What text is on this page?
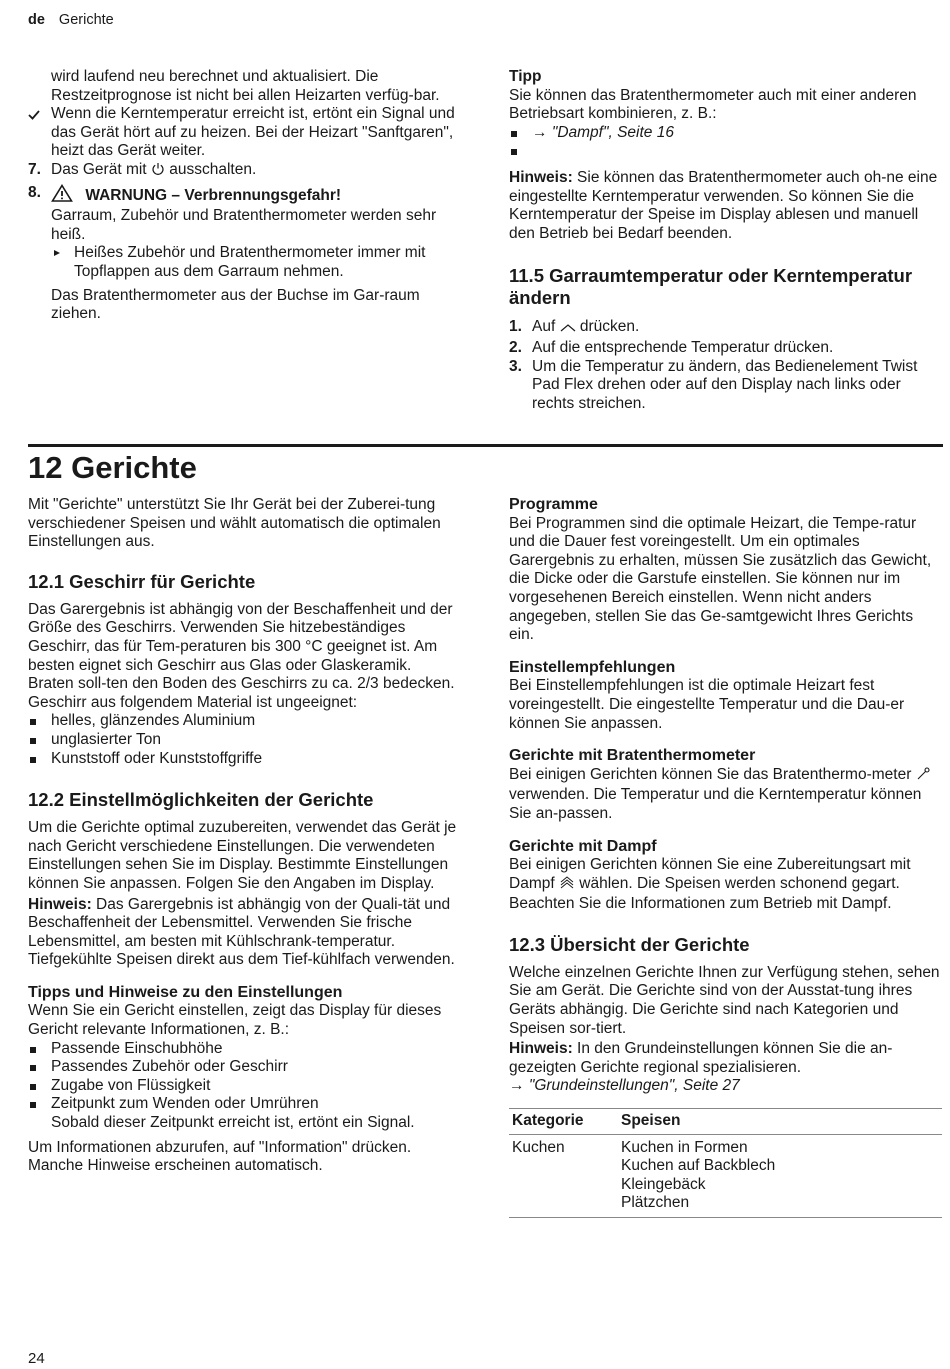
de Gerichte

wird laufend neu berechnet und aktualisiert. Die Restzeitprognose ist nicht bei allen Heizarten verfüg-bar.

Wenn die Kerntemperatur erreicht ist, ertönt ein Signal und das Gerät hört auf zu heizen. Bei der Heizart "Sanftgaren", heizt das Gerät weiter.
7. Das Gerät mit ausschalten.
8.	WARNUNG – Verbrennungsgefahr!

Garraum, Zubehör und Bratenthermometer werden sehr heiß.

Heißes Zubehör und Bratenthermometer immer mit Topflappen aus dem Garraum nehmen.

Das Bratenthermometer aus der Buchse im Gar-raum ziehen.

Tipp

Sie können das Bratenthermometer auch mit einer anderen Betriebsart kombinieren, z. B.:

→ "Dampf", Seite 16

Hinweis: Sie können das Bratenthermometer auch oh-ne eine eingestellte Kerntemperatur verwenden. So können Sie die Kerntemperatur der Speise im Display ablesen und manuell den Betrieb bei Bedarf beenden.

11.5 Garraumtemperatur oder Kerntemperatur ändern

1. Auf drücken.
2. Auf die entsprechende Temperatur drücken.
3. Um die Temperatur zu ändern, das Bedienelement Twist Pad Flex drehen oder auf den Display nach links oder rechts streichen.
12 Gerichte

Mit "Gerichte" unterstützt Sie Ihr Gerät bei der Zuberei-tung verschiedener Speisen und wählt automatisch die optimalen Einstellungen aus.

12.1 Geschirr für Gerichte

Das Garergebnis ist abhängig von der Beschaffenheit und der Größe des Geschirrs. Verwenden Sie hitzebeständiges Geschirr, das für Tem-peraturen bis 300 °C geeignet ist. Am besten eignet sich Geschirr aus Glas oder Glaskeramik. Braten soll-ten den Boden des Geschirrs zu ca. 2/3 bedecken. Geschirr aus folgendem Material ist ungeeignet:

helles, glänzendes Aluminium
unglasierter Ton
Kunststoff oder Kunststoffgriffe

12.2 Einstellmöglichkeiten der Gerichte

Um die Gerichte optimal zuzubereiten, verwendet das Gerät je nach Gericht verschiedene Einstellungen. Die verwendeten Einstellungen sehen Sie im Display. Bestimmte Einstellungen können Sie anpassen. Folgen Sie den Angaben im Display.

Hinweis: Das Garergebnis ist abhängig von der Quali-tät und Beschaffenheit der Lebensmittel. Verwenden Sie frische Lebensmittel, am besten mit Kühlschrank-temperatur. Tiefgekühlte Speisen direkt aus dem Tief-kühlfach verwenden.

Tipps und Hinweise zu den Einstellungen

Wenn Sie ein Gericht einstellen, zeigt das Display für dieses Gericht relevante Informationen, z. B.:

Passende Einschubhöhe
Passendes Zubehör oder Geschirr
Zugabe von Flüssigkeit
Zeitpunkt zum Wenden oder Umrühren
Sobald dieser Zeitpunkt erreicht ist, ertönt ein Signal.

Um Informationen abzurufen, auf "Information" drücken. Manche Hinweise erscheinen automatisch.

Programme

Bei Programmen sind die optimale Heizart, die Tempe-ratur und die Dauer fest voreingestellt. Um ein optimales Garergebnis zu erhalten, müssen Sie zusätzlich das Gewicht, die Dicke oder die Garstufe einstellen. Sie können nur im vorgesehenen Bereich einstellen. Wenn nicht anders angegeben, stellen Sie das Ge-samtgewicht Ihres Gerichts ein.

Einstellempfehlungen

Bei Einstellempfehlungen ist die optimale Heizart fest voreingestellt. Die eingestellte Temperatur und die Dau-er können Sie anpassen.

Gerichte mit Bratenthermometer

Bei einigen Gerichten können Sie das Bratenthermo-meter  verwenden. Die Temperatur und die Kerntemperatur können Sie an-passen.

Gerichte mit Dampf

Bei einigen Gerichten können Sie eine Zubereitungsart mit Dampf wählen. Die Speisen werden schonend gegart. Beachten Sie die Informationen zum Betrieb mit Dampf.

12.3 Übersicht der Gerichte

Welche einzelnen Gerichte Ihnen zur Verfügung stehen, sehen Sie am Gerät. Die Gerichte sind von der Ausstat-tung ihres Geräts abhängig. Die Gerichte sind nach Kategorien und Speisen sor-tiert.

Hinweis: In den Grundeinstellungen können Sie die an-gezeigten Gerichte regional spezialisieren.

→ "Grundeinstellungen", Seite 27

Kategorie	Speisen
Kuchen	Kuchen in Formen
Kuchen auf Backblech
Kleingebäck
Plätzchen
24
